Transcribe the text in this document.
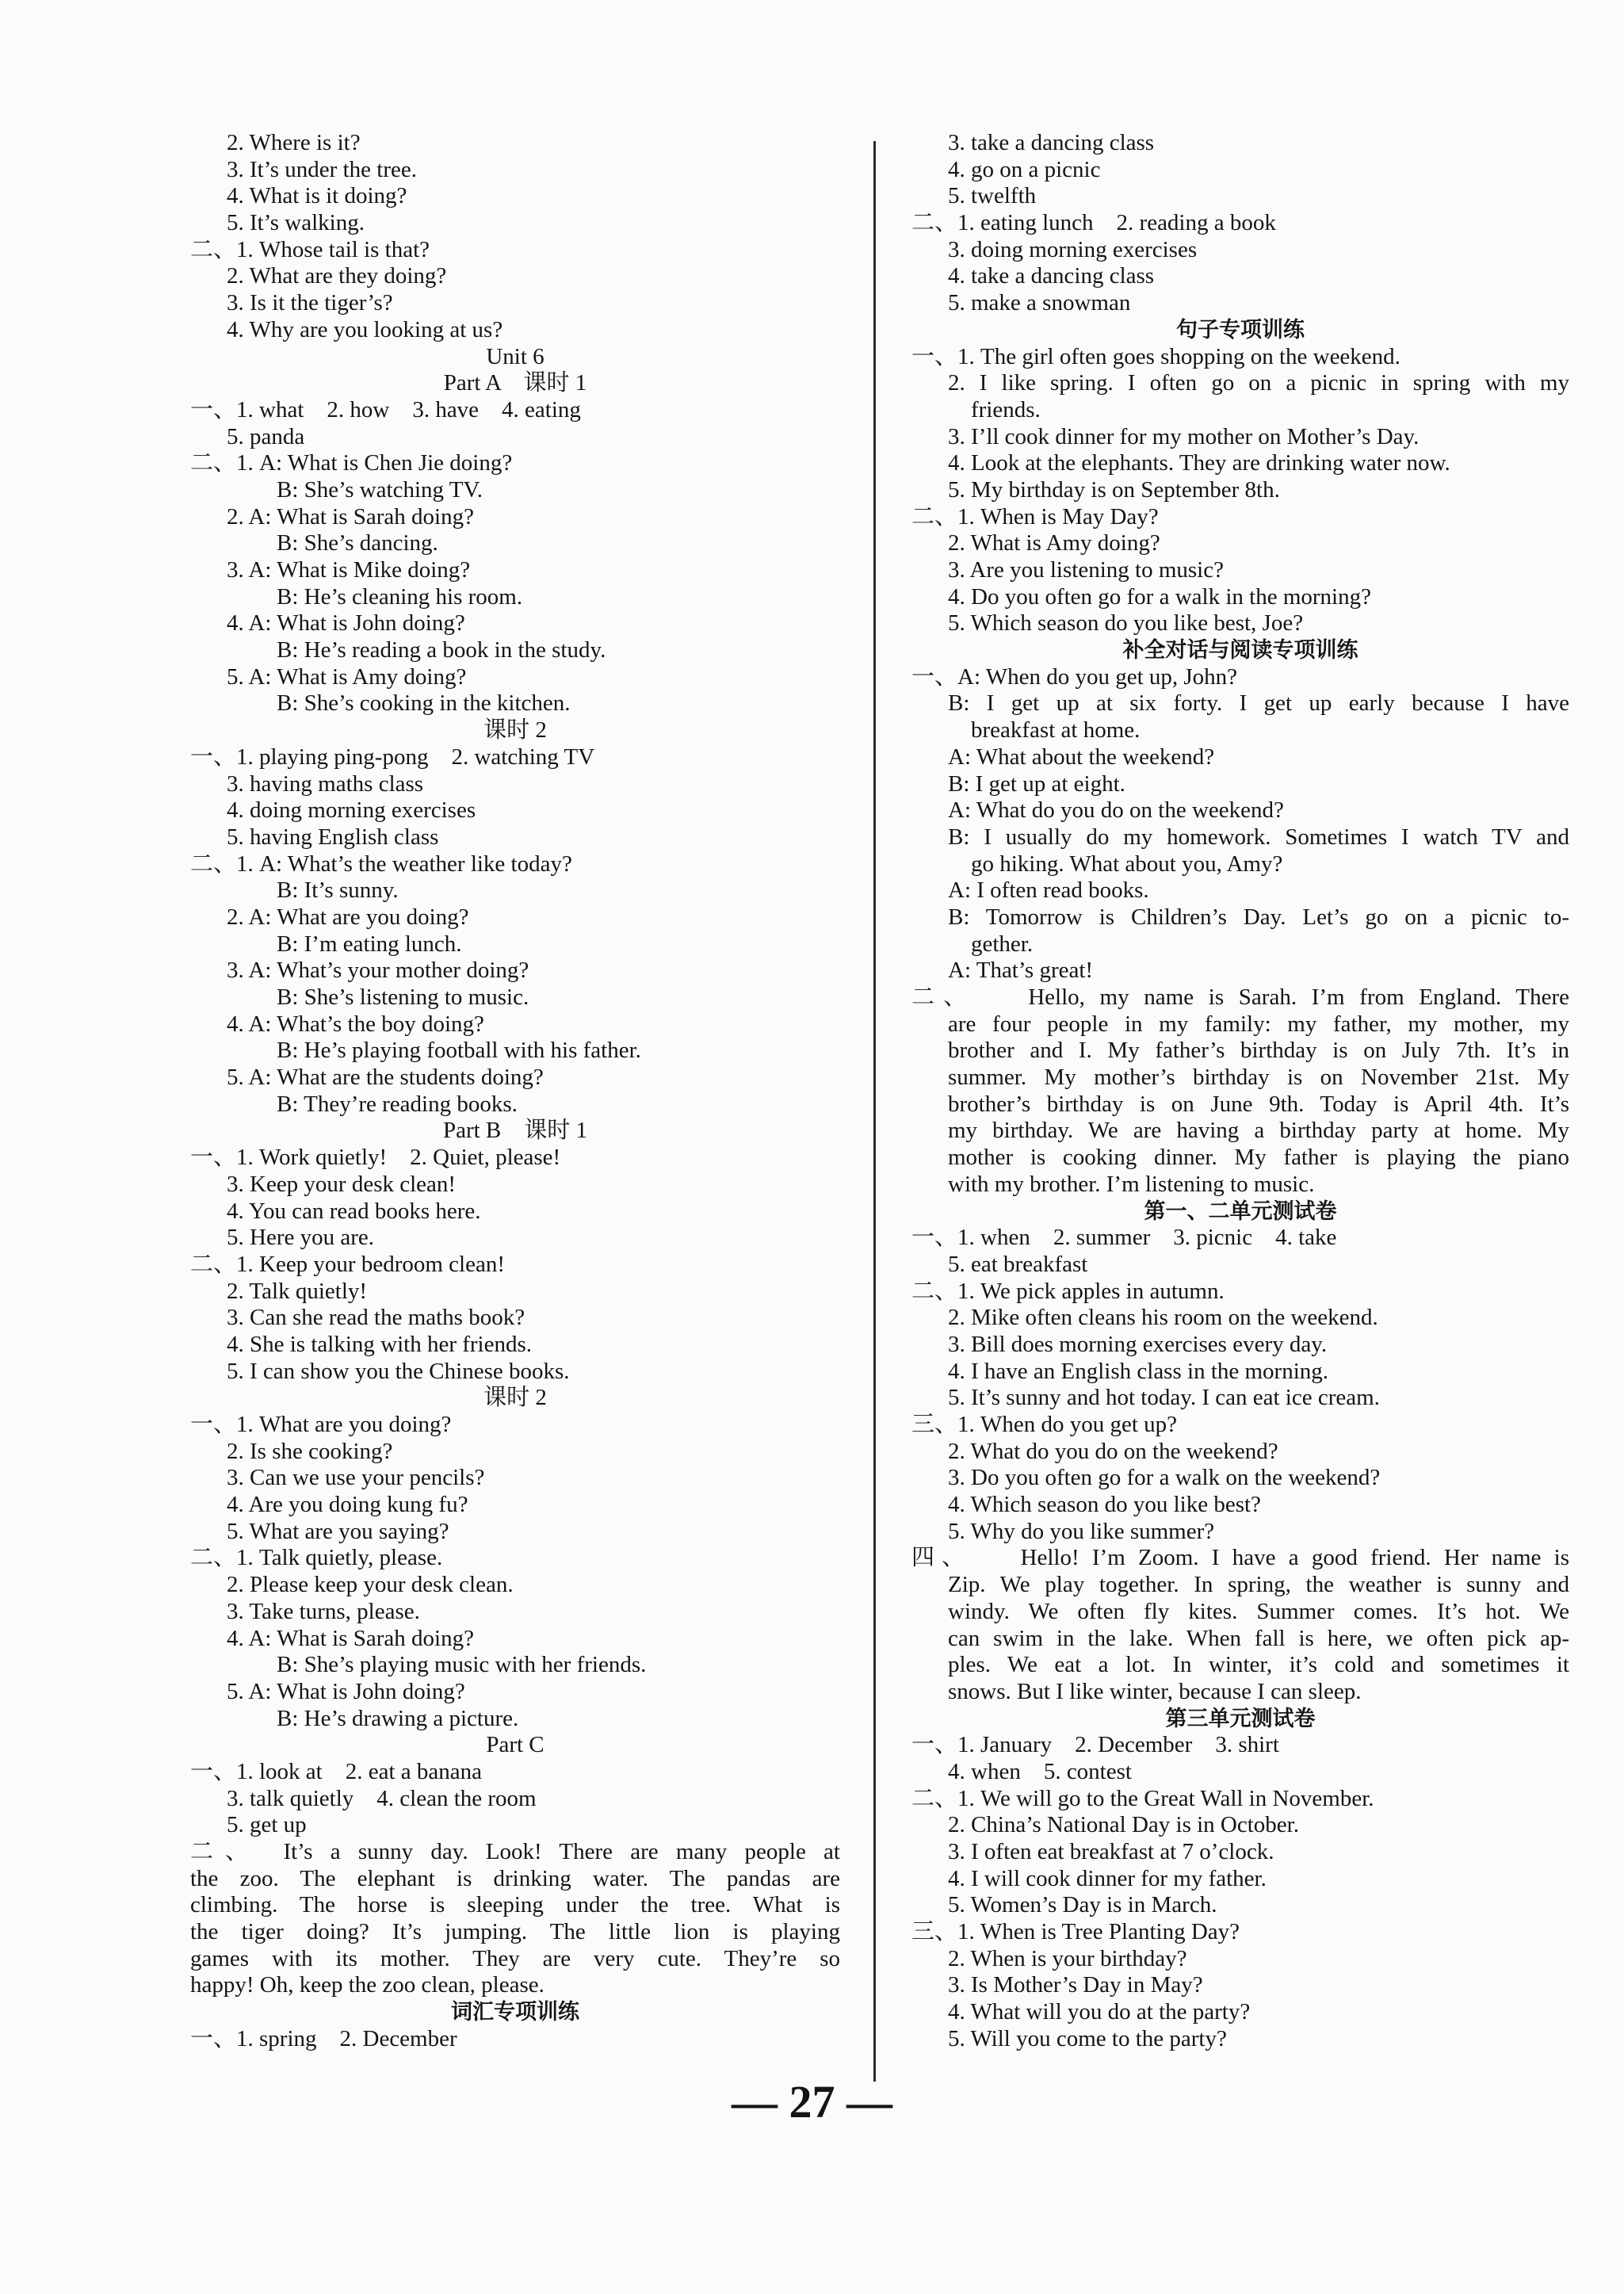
2. Where is it?
3. It’s under the tree.
4. What is it doing?
5. It’s walking.
二、1. Whose tail is that?
2. What are they doing?
3. Is it the tiger’s?
4. Why are you looking at us?
Unit 6
Part A　课时 1
一、1. what　2. how　3. have　4. eating
5. panda
二、1. A: What is Chen Jie doing?
B: She’s watching TV.
2. A: What is Sarah doing?
B: She’s dancing.
3. A: What is Mike doing?
B: He’s cleaning his room.
4. A: What is John doing?
B: He’s reading a book in the study.
5. A: What is Amy doing?
B: She’s cooking in the kitchen.
课时 2
一、1. playing ping-pong　2. watching TV
3. having maths class
4. doing morning exercises
5. having English class
二、1. A: What’s the weather like today?
B: It’s sunny.
2. A: What are you doing?
B: I’m eating lunch.
3. A: What’s your mother doing?
B: She’s listening to music.
4. A: What’s the boy doing?
B: He’s playing football with his father.
5. A: What are the students doing?
B: They’re reading books.
Part B　课时 1
一、1. Work quietly!　2. Quiet, please!
3. Keep your desk clean!
4. You can read books here.
5. Here you are.
二、1. Keep your bedroom clean!
2. Talk quietly!
3. Can she read the maths book?
4. She is talking with her friends.
5. I can show you the Chinese books.
课时 2
一、1. What are you doing?
2. Is she cooking?
3. Can we use your pencils?
4. Are you doing kung fu?
5. What are you saying?
二、1. Talk quietly, please.
2. Please keep your desk clean.
3. Take turns, please.
4. A: What is Sarah doing?
B: She’s playing music with her friends.
5. A: What is John doing?
B: He’s drawing a picture.
Part C
一、1. look at　2. eat a banana
3. talk quietly　4. clean the room
5. get up
二、　It’s a sunny day. Look! There are many people at
the zoo. The elephant is drinking water. The pandas are
climbing. The horse is sleeping under the tree. What is
the tiger doing? It’s jumping. The little lion is playing
games with its mother. They are very cute. They’re so
happy! Oh, keep the zoo clean, please.
词汇专项训练
一、1. spring　2. December
3. take a dancing class
4. go on a picnic
5. twelfth
二、1. eating lunch　2. reading a book
3. doing morning exercises
4. take a dancing class
5. make a snowman
句子专项训练
一、1. The girl often goes shopping on the weekend.
2. I like spring. I often go on a picnic in spring with my
friends.
3. I’ll cook dinner for my mother on Mother’s Day.
4. Look at the elephants. They are drinking water now.
5. My birthday is on September 8th.
二、1. When is May Day?
2. What is Amy doing?
3. Are you listening to music?
4. Do you often go for a walk in the morning?
5. Which season do you like best, Joe?
补全对话与阅读专项训练
一、A: When do you get up, John?
B: I get up at six forty. I get up early because I have
breakfast at home.
A: What about the weekend?
B: I get up at eight.
A: What do you do on the weekend?
B: I usually do my homework. Sometimes I watch TV and
go hiking. What about you, Amy?
A: I often read books.
B: Tomorrow is Children’s Day. Let’s go on a picnic to-
gether.
A: That’s great!
二、　　Hello, my name is Sarah. I’m from England. There
are four people in my family: my father, my mother, my
brother and I. My father’s birthday is on July 7th. It’s in
summer. My mother’s birthday is on November 21st. My
brother’s birthday is on June 9th. Today is April 4th. It’s
my birthday. We are having a birthday party at home. My
mother is cooking dinner. My father is playing the piano
with my brother. I’m listening to music.
第一、二单元测试卷
一、1. when　2. summer　3. picnic　4. take
5. eat breakfast
二、1. We pick apples in autumn.
2. Mike often cleans his room on the weekend.
3. Bill does morning exercises every day.
4. I have an English class in the morning.
5. It’s sunny and hot today. I can eat ice cream.
三、1. When do you get up?
2. What do you do on the weekend?
3. Do you often go for a walk on the weekend?
4. Which season do you like best?
5. Why do you like summer?
四、　　Hello! I’m Zoom. I have a good friend. Her name is
Zip. We play together. In spring, the weather is sunny and
windy. We often fly kites. Summer comes. It’s hot. We
can swim in the lake. When fall is here, we often pick ap-
ples. We eat a lot. In winter, it’s cold and sometimes it
snows. But I like winter, because I can sleep.
第三单元测试卷
一、1. January　2. December　3. shirt
4. when　5. contest
二、1. We will go to the Great Wall in November.
2. China’s National Day is in October.
3. I often eat breakfast at 7 o’clock.
4. I will cook dinner for my father.
5. Women’s Day is in March.
三、1. When is Tree Planting Day?
2. When is your birthday?
3. Is Mother’s Day in May?
4. What will you do at the party?
5. Will you come to the party?
— 27 —
